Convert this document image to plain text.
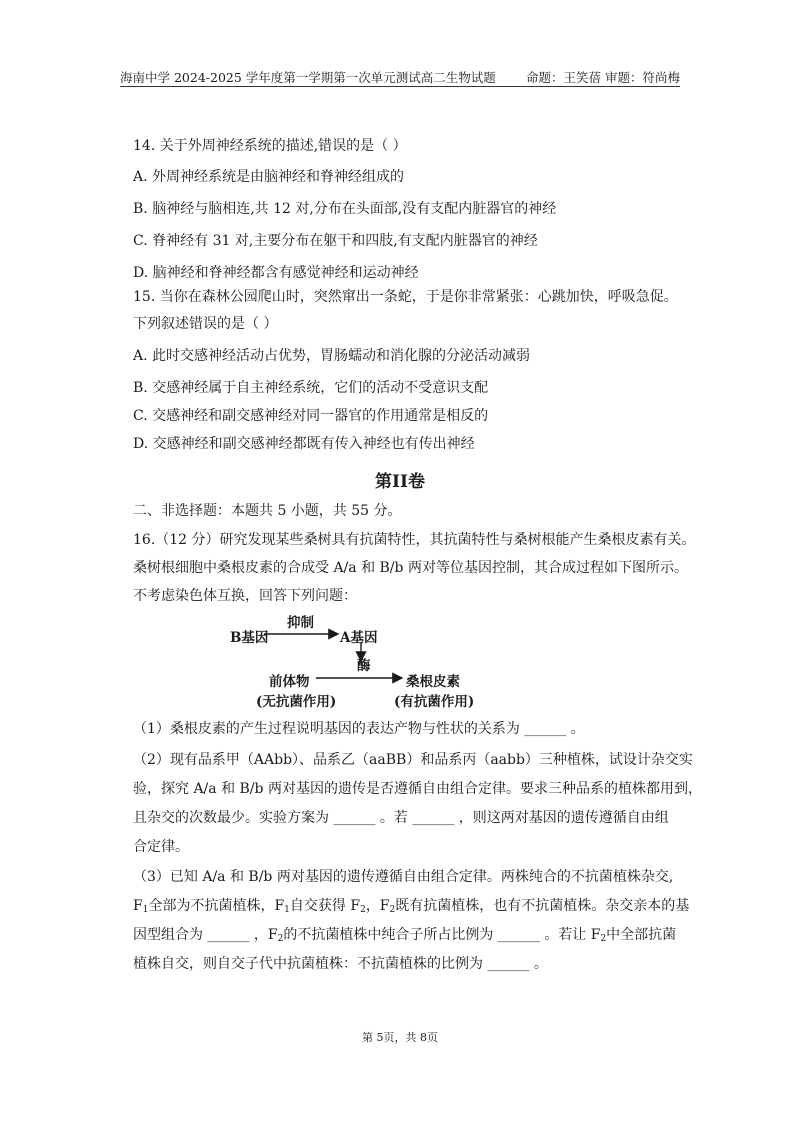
海南中学 2024-2025 学年度第一学期第一次单元测试高二生物试题 命题：王笑蓓 审题：符尚梅
14. 关于外周神经系统的描述,错误的是（ ）
A. 外周神经系统是由脑神经和脊神经组成的
B. 脑神经与脑相连,共 12 对,分布在头面部,没有支配内脏器官的神经
C. 脊神经有 31 对,主要分布在躯干和四肢,有支配内脏器官的神经
D. 脑神经和脊神经都含有感觉神经和运动神经
15. 当你在森林公园爬山时，突然窜出一条蛇，于是你非常紧张：心跳加快，呼吸急促。
下列叙述错误的是（ ）
A. 此时交感神经活动占优势，胃肠蠕动和消化腺的分泌活动减弱
B. 交感神经属于自主神经系统，它们的活动不受意识支配
C. 交感神经和副交感神经对同一器官的作用通常是相反的
D. 交感神经和副交感神经都既有传入神经也有传出神经
第II卷
二、非选择题：本题共 5 小题，共 55 分。
16.（12 分）研究发现某些桑树具有抗菌特性，其抗菌特性与桑树根能产生桑根皮素有关。
桑树根细胞中桑根皮素的合成受 A/a 和 B/b 两对等位基因控制，其合成过程如下图所示。
不考虑染色体互换，回答下列问题：
B基因
抑制
A基因
酶
前体物
(无抗菌作用)
桑根皮素
(有抗菌作用)
（1）桑根皮素的产生过程说明基因的表达产物与性状的关系为 ______ 。
（2）现有品系甲（AAbb）、品系乙（aaBB）和品系丙（aabb）三种植株，试设计杂交实
验，探究 A/a 和 B/b 两对基因的遗传是否遵循自由组合定律。要求三种品系的植株都用到，
且杂交的次数最少。实验方案为 ______ 。若 ______ ，则这两对基因的遗传遵循自由组
合定律。
（3）已知 A/a 和 B/b 两对基因的遗传遵循自由组合定律。两株纯合的不抗菌植株杂交,
$F_1$全部为不抗菌植株，$F_1$自交获得 $F_2$，$F_2$既有抗菌植株，也有不抗菌植株。杂交亲本的基
因型组合为 ______ ，$F_2$的不抗菌植株中纯合子所占比例为 ______ 。若让 $F_2$中全部抗菌
植株自交，则自交子代中抗菌植株：不抗菌植株的比例为 ______ 。
第 5页，共 8页
